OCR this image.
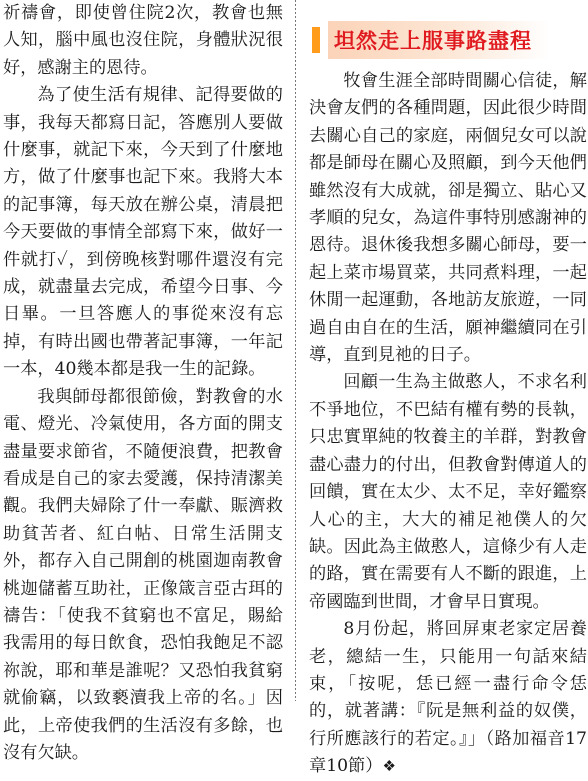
祈禱會，即使曾住院2次，教會也無人知，腦中風也沒住院，身體狀況很好，感謝主的恩待。

為了使生活有規律、記得要做的事，我每天都寫日記，答應別人要做什麼事，就記下來，今天到了什麼地方，做了什麼事也記下來。我將大本的記事簿，每天放在辦公桌，清晨把今天要做的事情全部寫下來，做好一件就打✓，到傍晚核對哪件還沒有完成，就盡量去完成，希望今日事、今日畢。一旦答應人的事從來沒有忘掉，有時出國也帶著記事簿，一年記一本，40幾本都是我一生的記錄。

我與師母都很節儉，對教會的水電、燈光、冷氣使用，各方面的開支盡量要求節省，不隨便浪費，把教會看成是自己的家去愛護，保持清潔美觀。我們夫婦除了什一奉獻、賑濟救助貧苦者、紅白帖、日常生活開支外，都存入自己開創的桃園迦南教會桃迦儲蓄互助社，正像箴言亞古珥的禱告：「使我不貧窮也不富足，賜給我需用的每日飲食，恐怕我飽足不認祢說，耶和華是誰呢？又恐怕我貧窮就偷竊，以致褻瀆我上帝的名。」因此，上帝使我們的生活沒有多餘，也沒有欠缺。

坦然走上服事路盡程

牧會生涯全部時間關心信徒，解決會友們的各種問題，因此很少時間去關心自己的家庭，兩個兒女可以說都是師母在關心及照顧，到今天他們雖然沒有大成就，卻是獨立、貼心又孝順的兒女，為這件事特別感謝神的恩待。退休後我想多關心師母，要一起上菜市場買菜，共同煮料理，一起休閒一起運動，各地訪友旅遊，一同過自由自在的生活，願神繼續同在引導，直到見祂的日子。

回顧一生為主做憨人，不求名利不爭地位，不巴結有權有勢的長執，只忠實單純的牧養主的羊群，對教會盡心盡力的付出，但教會對傳道人的回饋，實在太少、太不足，幸好鑑察人心的主，大大的補足祂僕人的欠缺。因此為主做憨人，這條少有人走的路，實在需要有人不斷的跟進，上帝國臨到世間，才會早日實現。

8月份起，將回屏東老家定居養老，總結一生，只能用一句話來結束，「按呢，恁已經一盡行命令恁的，就著講：『阮是無利益的奴僕，行所應該行的若定。』」（路加福音17章10節）❖
